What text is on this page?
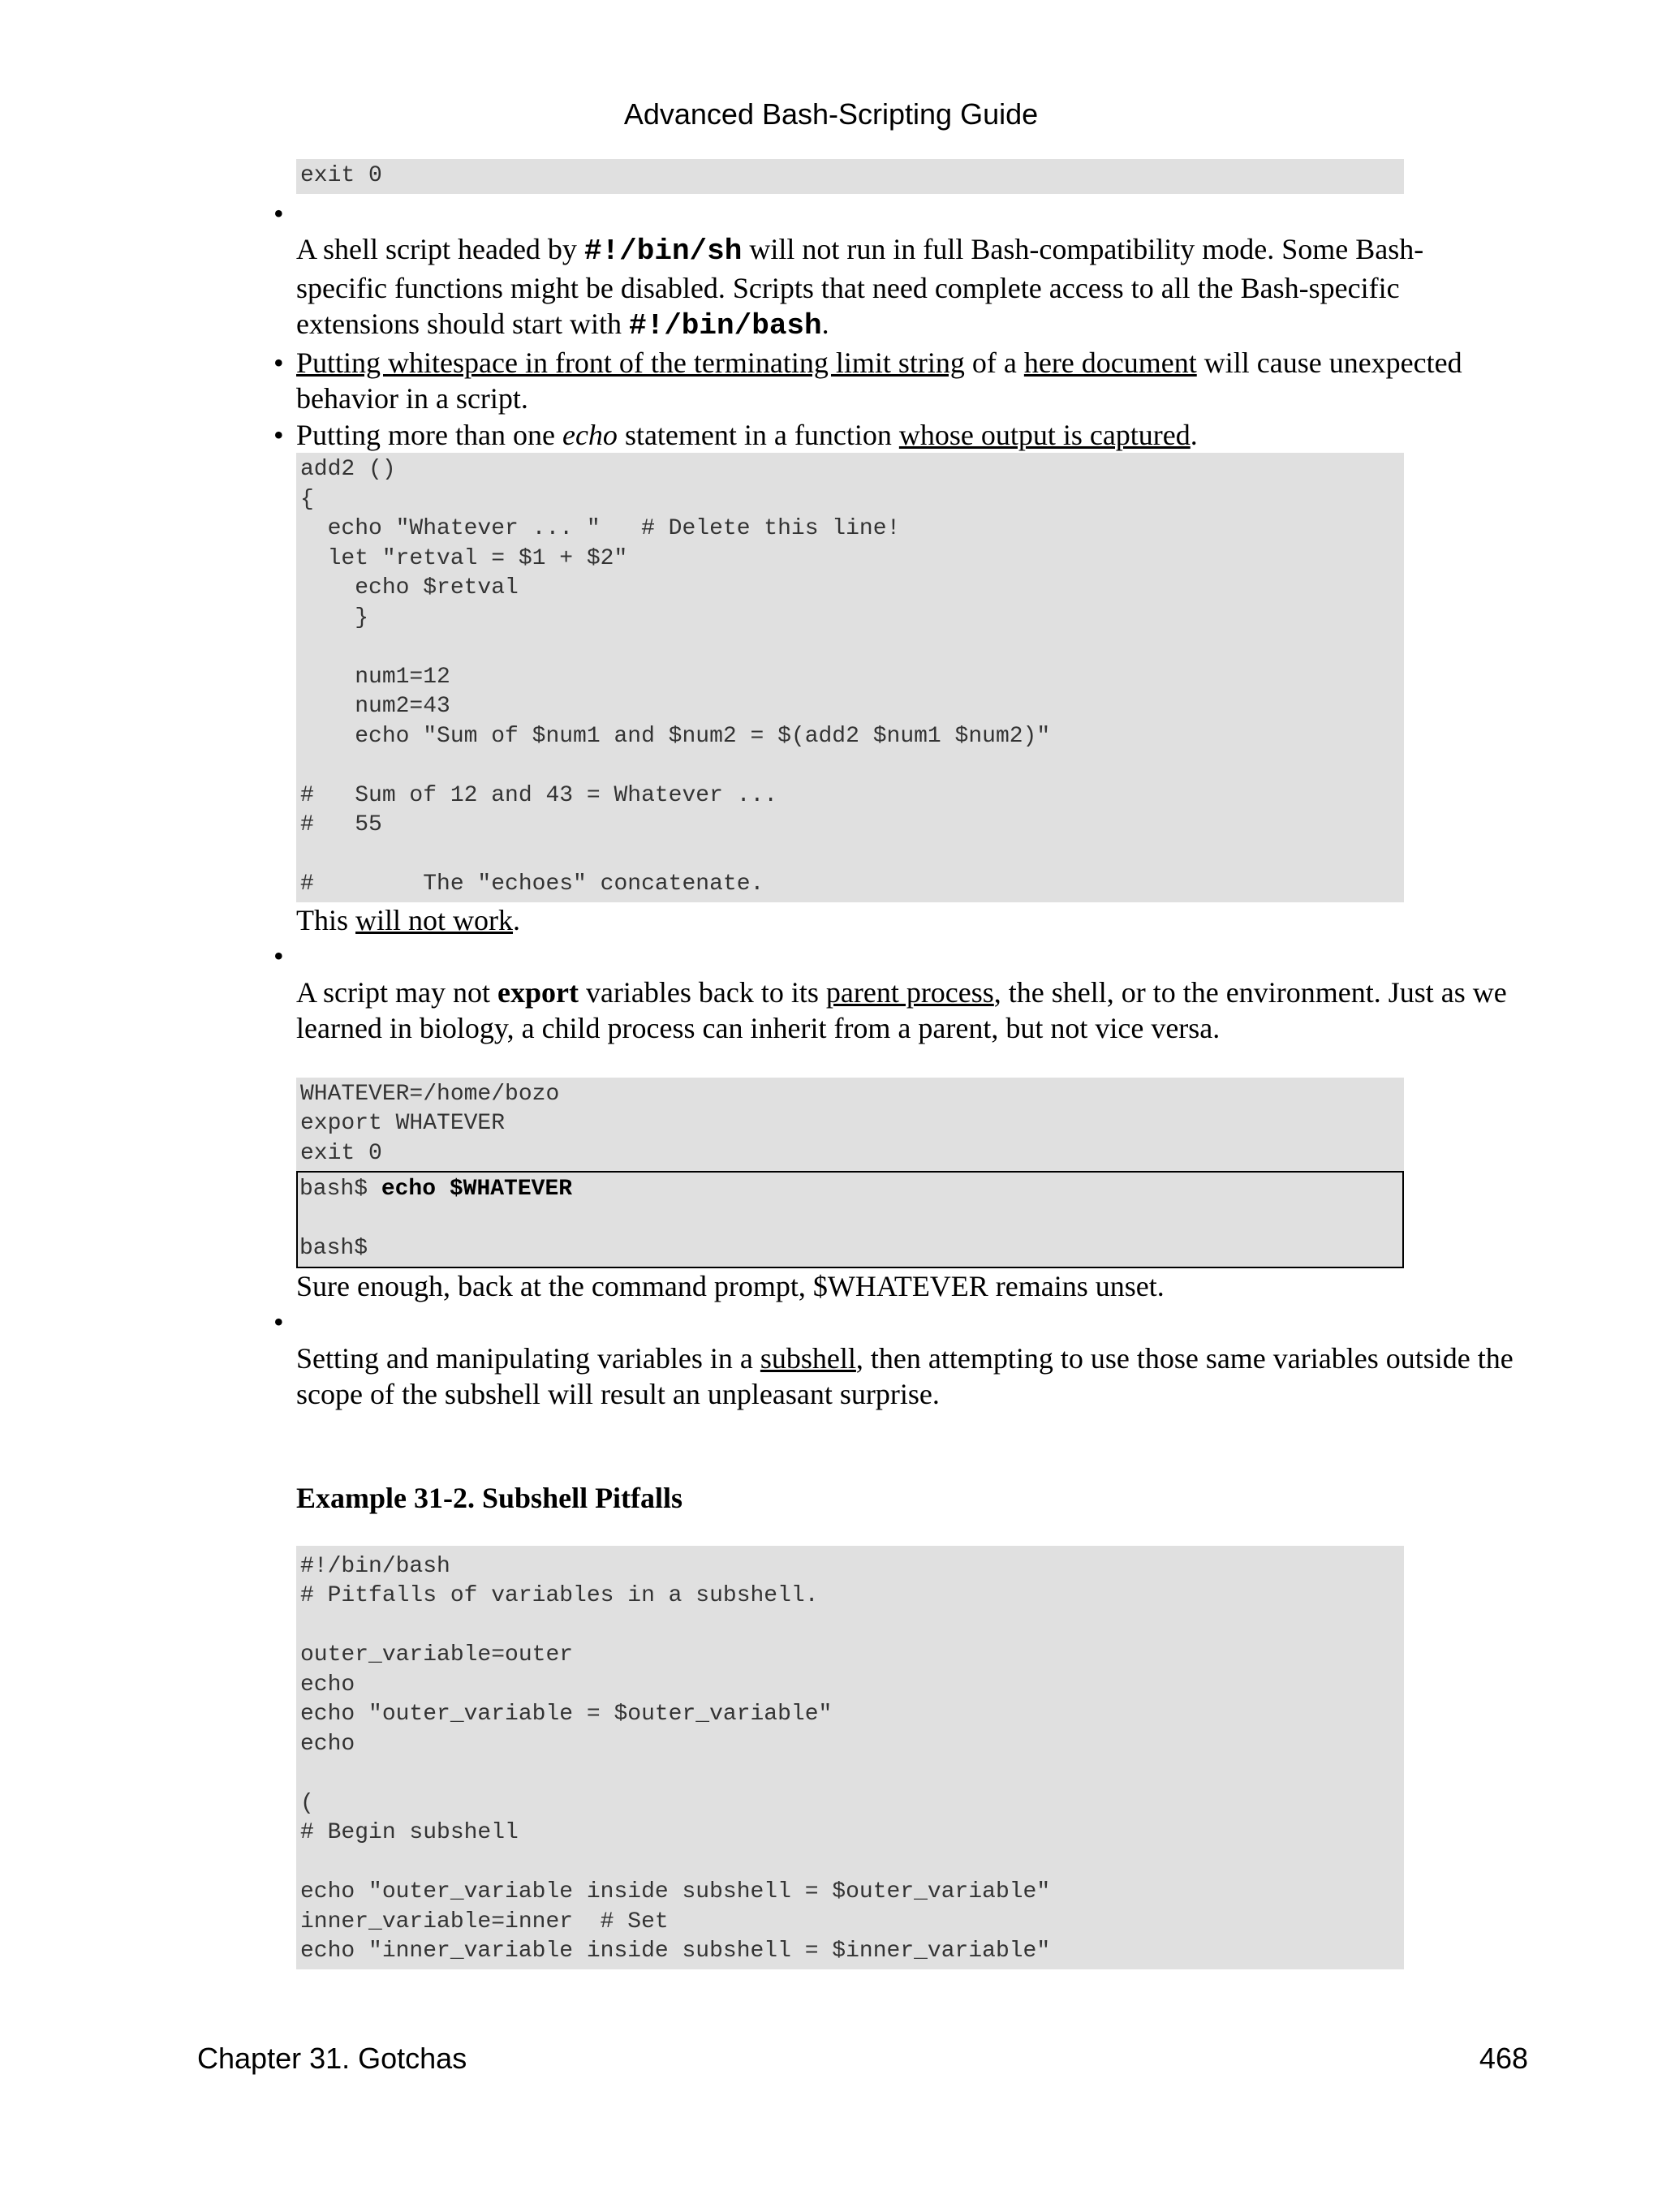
Advanced Bash-Scripting Guide
exit 0
•
A shell script headed by #!/bin/sh will not run in full Bash-compatibility mode. Some Bash-specific functions might be disabled. Scripts that need complete access to all the Bash-specific extensions should start with #!/bin/bash.
• Putting whitespace in front of the terminating limit string of a here document will cause unexpected behavior in a script.
• Putting more than one echo statement in a function whose output is captured.
add2 ()
{
echo "Whatever ... "   # Delete this line!
let "retval = $1 + $2"
echo $retval
}

num1=12
num2=43
echo "Sum of $num1 and $num2 = $(add2 $num1 $num2)"

#   Sum of 12 and 43 = Whatever ...
#   55

#        The "echoes" concatenate.
This will not work.
•
A script may not export variables back to its parent process, the shell, or to the environment. Just as we learned in biology, a child process can inherit from a parent, but not vice versa.
WHATEVER=/home/bozo
export WHATEVER
exit 0
bash$ echo $WHATEVER

bash$
Sure enough, back at the command prompt, $WHATEVER remains unset.
•
Setting and manipulating variables in a subshell, then attempting to use those same variables outside the scope of the subshell will result an unpleasant surprise.
Example 31-2. Subshell Pitfalls
#!/bin/bash
# Pitfalls of variables in a subshell.

outer_variable=outer
echo
echo "outer_variable = $outer_variable"
echo

(
# Begin subshell

echo "outer_variable inside subshell = $outer_variable"
inner_variable=inner  # Set
echo "inner_variable inside subshell = $inner_variable"

Chapter 31. Gotchas	468
